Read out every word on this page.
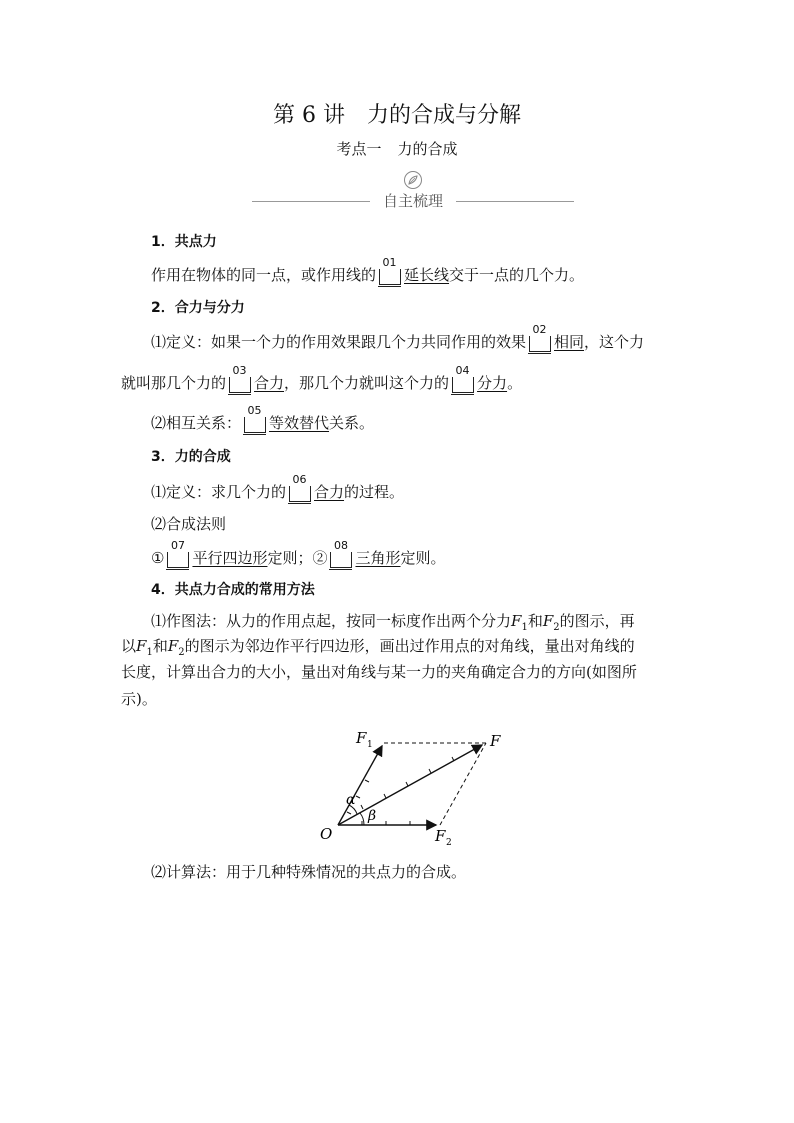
第 6 讲 力的合成与分解
考点一 力的合成
自主梳理
1．共点力
作用在物体的同一点，或作用线的
01
延长线交于一点的几个力。
2．合力与分力
⑴定义：如果一个力的作用效果跟几个力共同作用的效果
02
相同，这个力
就叫那几个力的
03
合力，那几个力就叫这个力的
04
分力。
⑵相互关系：
05
等效替代关系。
3．力的合成
⑴定义：求几个力的
06
合力的过程。
⑵合成法则
①
07
平行四边形定则；②
08
三角形定则。
4．共点力合成的常用方法
⑴作图法：从力的作用点起，按同一标度作出两个分力$F_1$和$F_2$的图示，再
以$F_1$和$F_2$的图示为邻边作平行四边形，画出过作用点的对角线，量出对角线的
长度，计算出合力的大小，量出对角线与某一力的夹角确定合力的方向(如图所
示)。
O
F 1	F
F 2
α
β
⑵计算法：用于几种特殊情况的共点力的合成。
